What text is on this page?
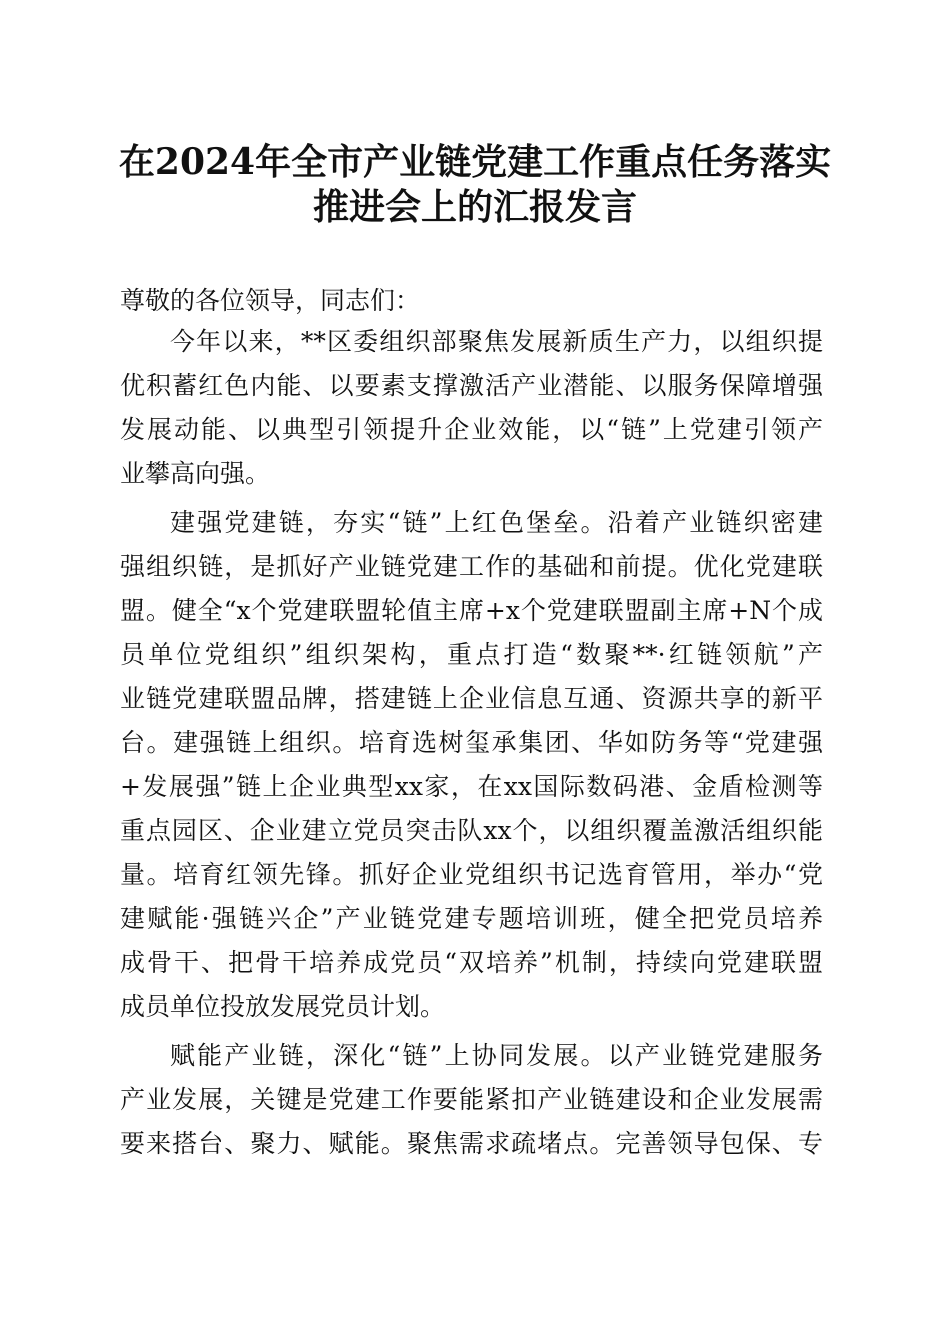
在2024年全市产业链党建工作重点任务落实
推进会上的汇报发言
尊敬的各位领导，同志们：
今年以来，**区委组织部聚焦发展新质生产力，以组织提
优积蓄红色内能、以要素支撑激活产业潜能、以服务保障增强
发展动能、以典型引领提升企业效能，以“链”上党建引领产
业攀高向强。
建强党建链，夯实“链”上红色堡垒。沿着产业链织密建
强组织链，是抓好产业链党建工作的基础和前提。优化党建联
盟。健全“x个党建联盟轮值主席+x个党建联盟副主席+N个成
员单位党组织”组织架构，重点打造“数聚**·红链领航”产
业链党建联盟品牌，搭建链上企业信息互通、资源共享的新平
台。建强链上组织。培育选树玺承集团、华如防务等“党建强
+发展强”链上企业典型xx家，在xx国际数码港、金盾检测等
重点园区、企业建立党员突击队xx个，以组织覆盖激活组织能
量。培育红领先锋。抓好企业党组织书记选育管用，举办“党
建赋能·强链兴企”产业链党建专题培训班，健全把党员培养
成骨干、把骨干培养成党员“双培养”机制，持续向党建联盟
成员单位投放发展党员计划。
赋能产业链，深化“链”上协同发展。以产业链党建服务
产业发展，关键是党建工作要能紧扣产业链建设和企业发展需
要来搭台、聚力、赋能。聚焦需求疏堵点。完善领导包保、专
